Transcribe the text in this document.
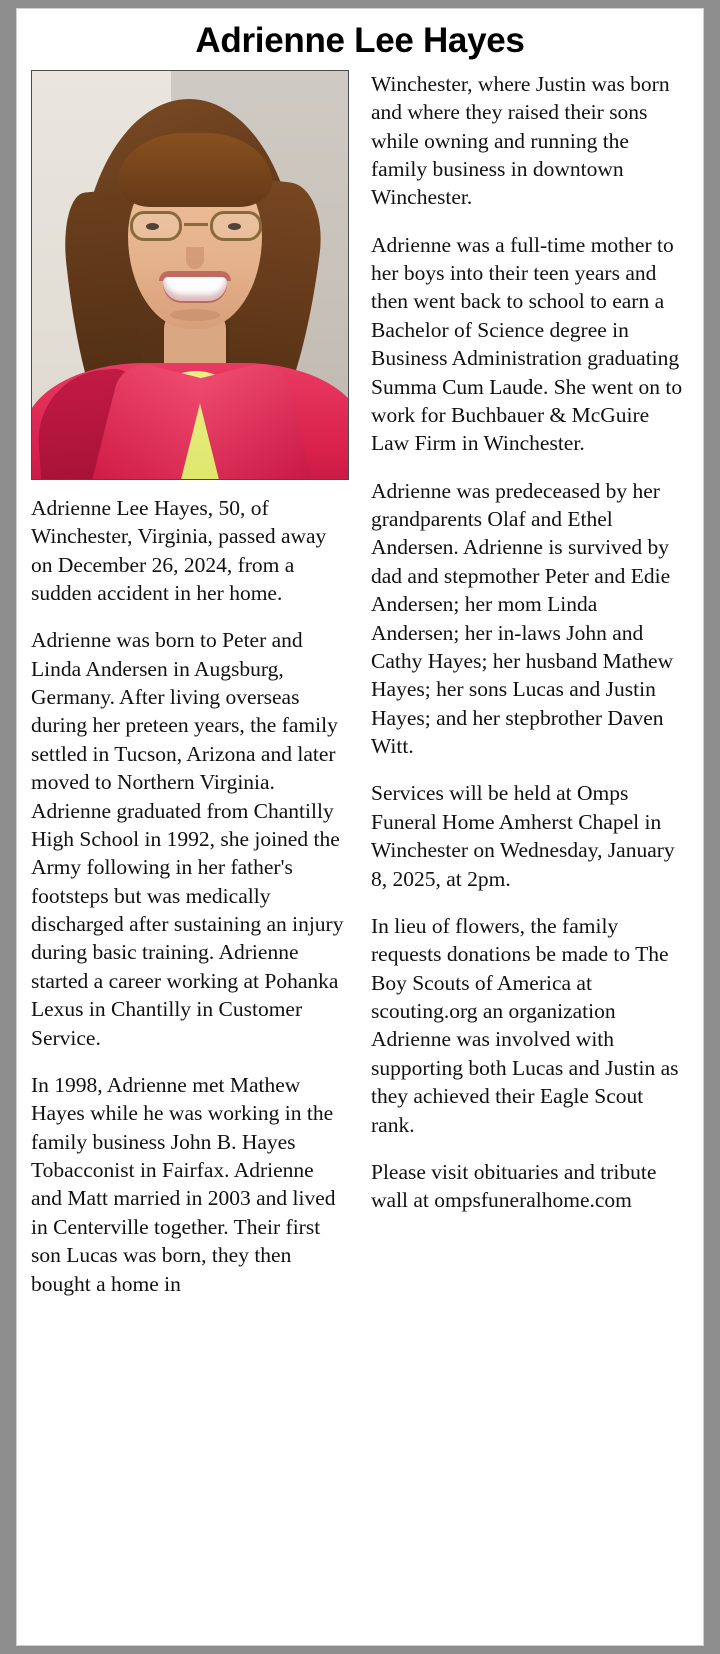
Adrienne Lee Hayes

Adrienne Lee Hayes, 50, of Winchester, Virginia, passed away on December 26, 2024, from a sudden accident in her home.

Adrienne was born to Peter and Linda Andersen in Augsburg, Germany. After living overseas during her preteen years, the family settled in Tucson, Arizona and later moved to Northern Virginia. Adrienne graduated from Chantilly High School in 1992, she joined the Army following in her father's footsteps but was medically discharged after sustaining an injury during basic training. Adrienne started a career working at Pohanka Lexus in Chantilly in Customer Service.

In 1998, Adrienne met Mathew Hayes while he was working in the family business John B. Hayes Tobacconist in Fairfax. Adrienne and Matt married in 2003 and lived in Centerville together. Their first son Lucas was born, they then bought a home in

Winchester, where Justin was born and where they raised their sons while owning and running the family business in downtown Winchester.

Adrienne was a full-time mother to her boys into their teen years and then went back to school to earn a Bachelor of Science degree in Business Administration graduating Summa Cum Laude. She went on to work for Buchbauer & McGuire Law Firm in Winchester.

Adrienne was predeceased by her grandparents Olaf and Ethel Andersen. Adrienne is survived by dad and stepmother Peter and Edie Andersen; her mom Linda Andersen; her in-laws John and Cathy Hayes; her husband Mathew Hayes; her sons Lucas and Justin Hayes; and her stepbrother Daven Witt.

Services will be held at Omps Funeral Home Amherst Chapel in Winchester on Wednesday, January 8, 2025, at 2pm.

In lieu of flowers, the family requests donations be made to The Boy Scouts of America at scouting.org an organization Adrienne was involved with supporting both Lucas and Justin as they achieved their Eagle Scout rank.

Please visit obituaries and tribute wall at ompsfuneralhome.com
